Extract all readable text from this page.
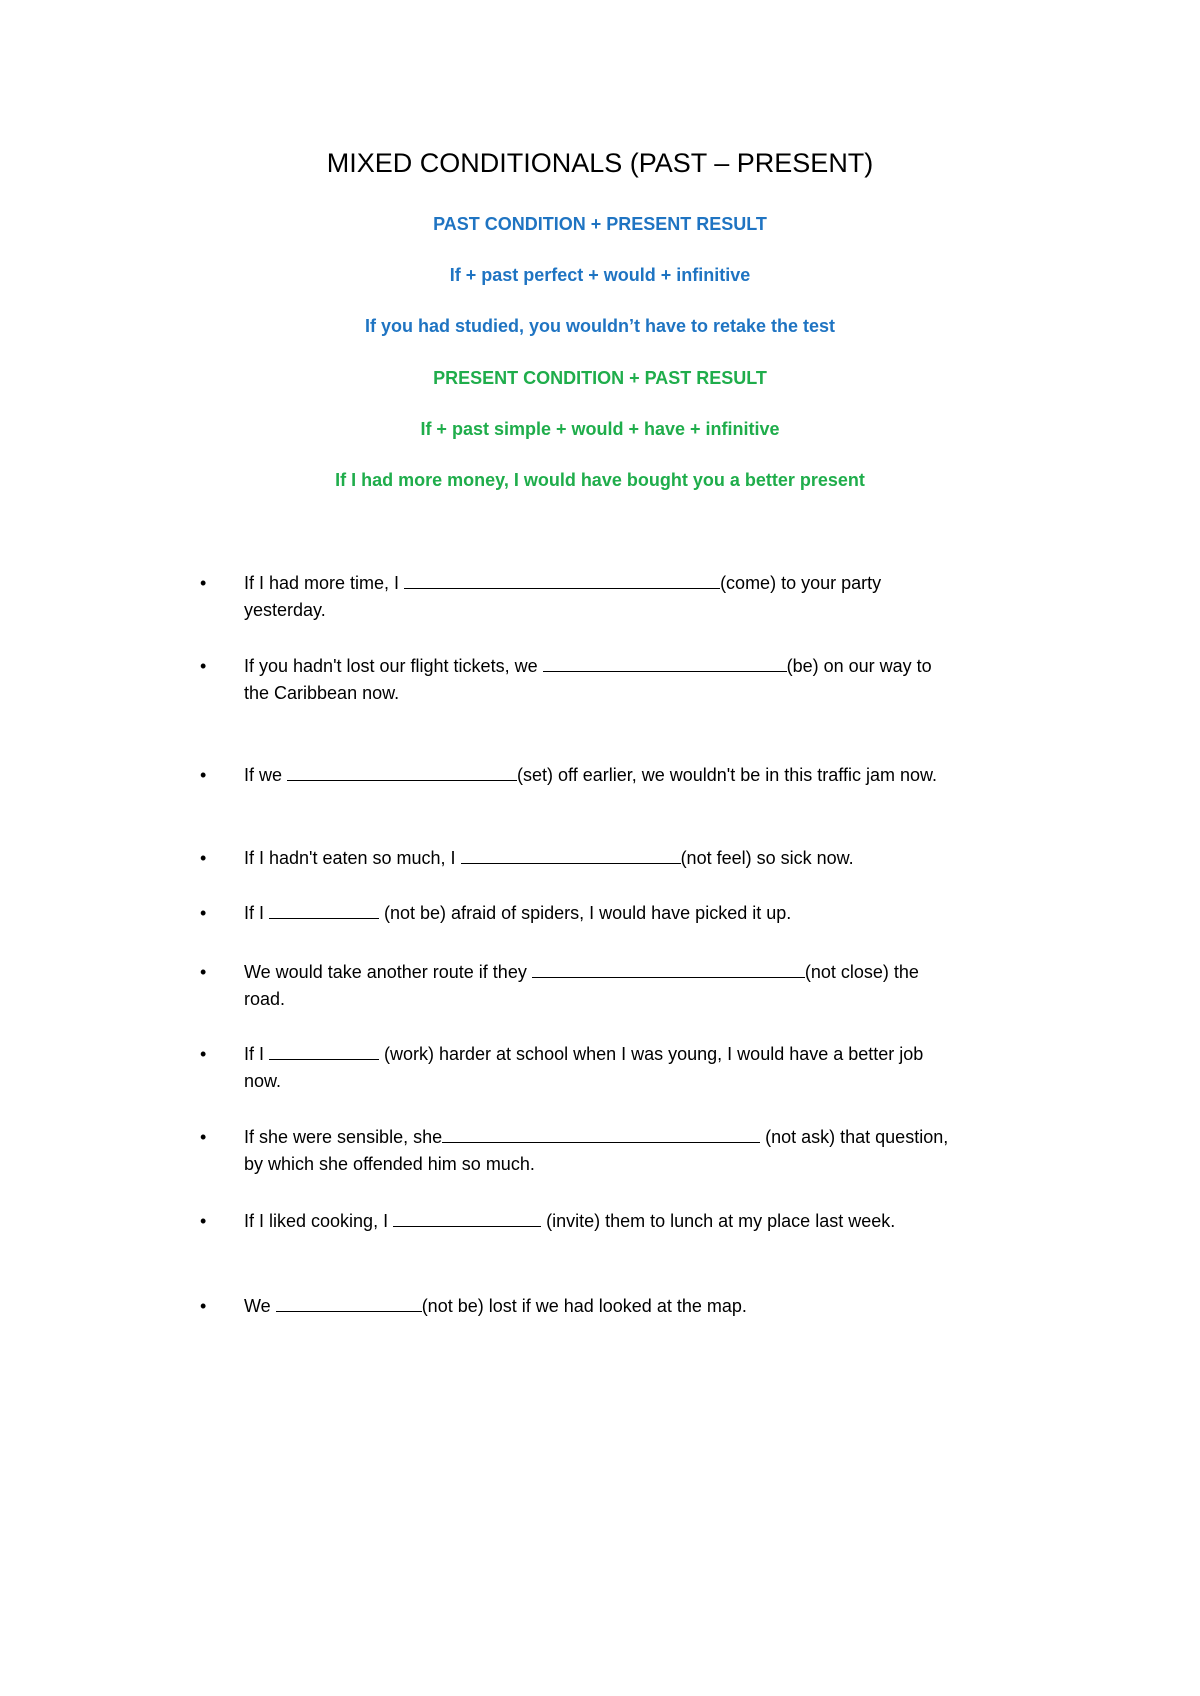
MIXED CONDITIONALS (PAST – PRESENT)
PAST CONDITION + PRESENT RESULT
If + past perfect + would + infinitive
If you had studied, you wouldn’t have to retake the test
PRESENT CONDITION + PAST RESULT
If + past simple + would + have + infinitive
If I had more money, I would have bought you a better present
•	If I had more time, I	(come) to your party
yesterday.
•	If you hadn't lost our flight tickets, we	(be) on our way to
the Caribbean now.
•	If we	(set) off earlier, we wouldn't be in this traffic jam now.
•	If I hadn't eaten so much, I	(not feel) so sick now.
•	If I	(not be) afraid of spiders, I would have picked it up.
•	We would take another route if they	(not close) the
road.
•	If I	(work) harder at school when I was young, I would have a better job
now.
•	If she were sensible, she	(not ask) that question,
by which she offended him so much.
•	If I liked cooking, I	(invite) them to lunch at my place last week.
•	We	(not be) lost if we had looked at the map.
